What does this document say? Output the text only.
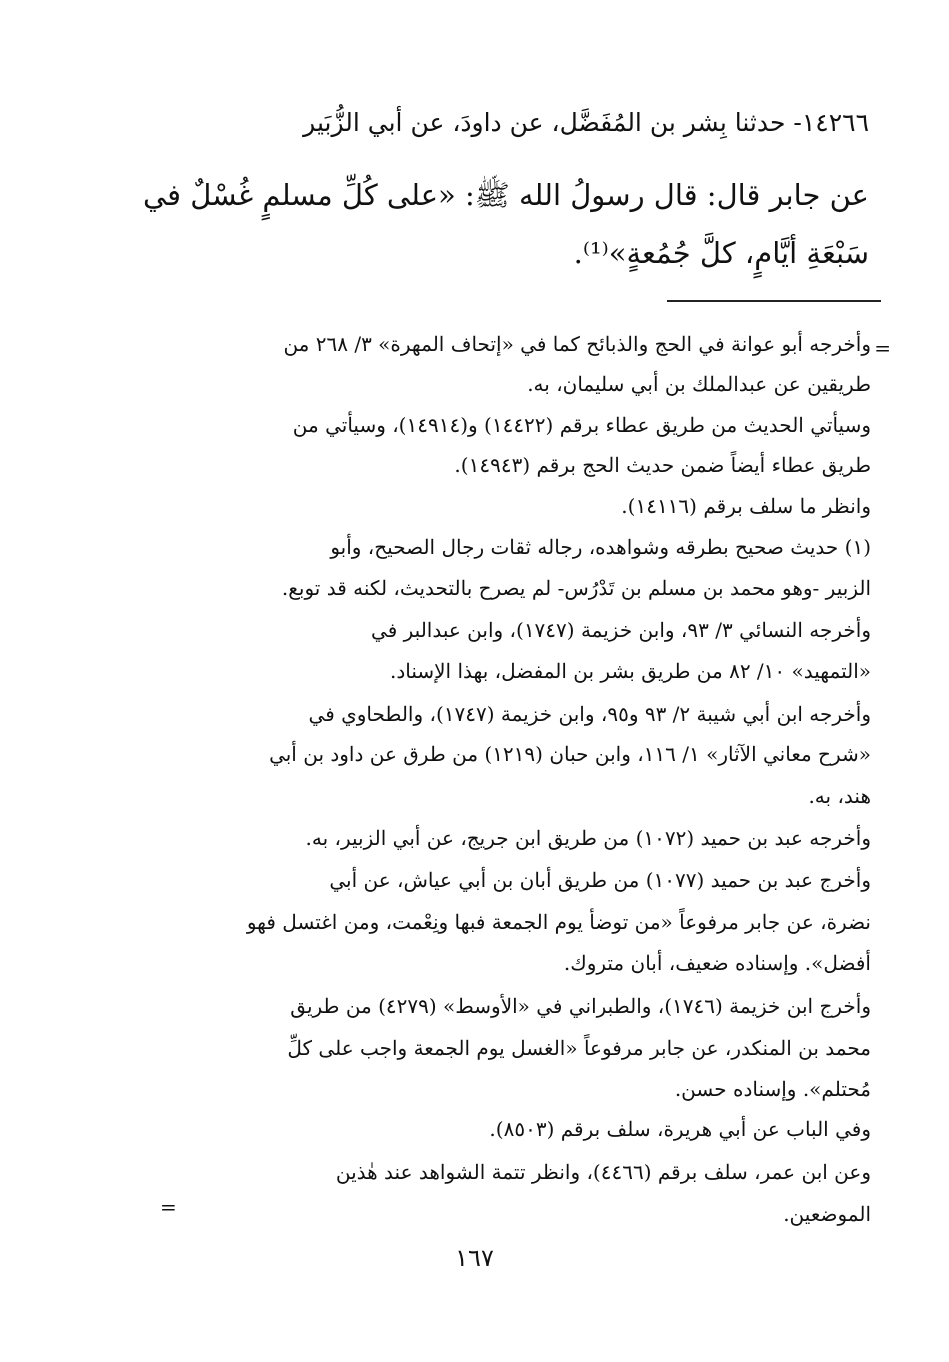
١٤٢٦٦- حدثنا بِشر بن المُفَضَّل، عن داودَ، عن أبي الزُّبَير
عن جابر قال: قال رسولُ الله ﷺ: «على كُلِّ مسلمٍ غُسْلٌ في
سَبْعَةِ أيَّامٍ، كلَّ جُمُعةٍ»⁽¹⁾.
=
وأخرجه أبو عوانة في الحج والذبائح كما في «إتحاف المهرة» ٣/ ٢٦٨ من
طريقين عن عبدالملك بن أبي سليمان، به.
وسيأتي الحديث من طريق عطاء برقم (١٤٤٢٢) و(١٤٩١٤)، وسيأتي من
طريق عطاء أيضاً ضمن حديث الحج برقم (١٤٩٤٣).
وانظر ما سلف برقم (١٤١١٦).
(١) حديث صحيح بطرقه وشواهده، رجاله ثقات رجال الصحيح، وأبو
الزبير -وهو محمد بن مسلم بن تَدْرُس- لم يصرح بالتحديث، لكنه قد توبع.
وأخرجه النسائي ٣/ ٩٣، وابن خزيمة (١٧٤٧)، وابن عبدالبر في
«التمهيد» ١٠/ ٨٢ من طريق بشر بن المفضل، بهذا الإسناد.
وأخرجه ابن أبي شيبة ٢/ ٩٣ و٩٥، وابن خزيمة (١٧٤٧)، والطحاوي في
«شرح معاني الآثار» ١/ ١١٦، وابن حبان (١٢١٩) من طرق عن داود بن أبي
هند، به.
وأخرجه عبد بن حميد (١٠٧٢) من طريق ابن جريج، عن أبي الزبير، به.
وأخرج عبد بن حميد (١٠٧٧) من طريق أبان بن أبي عياش، عن أبي
نضرة، عن جابر مرفوعاً «من توضأ يوم الجمعة فبها ونِعْمت، ومن اغتسل فهو
أفضل». وإسناده ضعيف، أبان متروك.
وأخرج ابن خزيمة (١٧٤٦)، والطبراني في «الأوسط» (٤٢٧٩) من طريق
محمد بن المنكدر، عن جابر مرفوعاً «الغسل يوم الجمعة واجب على كلِّ
مُحتلم». وإسناده حسن.
وفي الباب عن أبي هريرة، سلف برقم (٨٥٠٣).
وعن ابن عمر، سلف برقم (٤٤٦٦)، وانظر تتمة الشواهد عند هٰذين
الموضعين.
=
١٦٧
